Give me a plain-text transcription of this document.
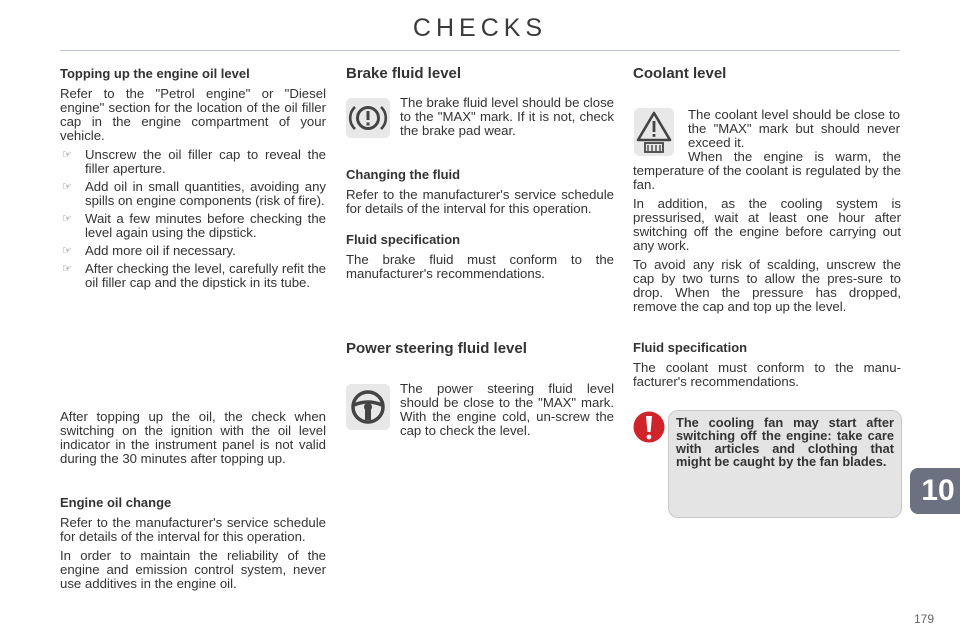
CHECKS
Topping up the engine oil level

Refer to the "Petrol engine" or "Diesel engine" section for the location of the oil filler cap in the engine compartment of your vehicle.

☞ Unscrew the oil filler cap to reveal the filler aperture.
☞ Add oil in small quantities, avoiding any spills on engine components (risk of fire).
☞ Wait a few minutes before checking the level again using the dipstick.
☞ Add more oil if necessary.
☞ After checking the level, carefully refit the oil filler cap and the dipstick in its tube.

After topping up the oil, the check when switching on the ignition with the oil level indicator in the instrument panel is not valid during the 30 minutes after topping up.

Engine oil change

Refer to the manufacturer's service schedule for details of the interval for this operation.

In order to maintain the reliability of the engine and emission control system, never use additives in the engine oil.

Brake fluid level
The brake fluid level should be close to the "MAX" mark. If it is not, check the brake pad wear.
Changing the fluid

Refer to the manufacturer's service schedule for details of the interval for this operation.

Fluid specification

The brake fluid must conform to the manufacturer's recommendations.

Power steering fluid level
The power steering fluid level should be close to the "MAX" mark. With the engine cold, un-screw the cap to check the level.
Coolant level
The coolant level should be close to the "MAX" mark but should never exceed it.

When the engine is warm, the temperature of the coolant is regulated by the fan.

In addition, as the cooling system is pressurised, wait at least one hour after switching off the engine before carrying out any work.

To avoid any risk of scalding, unscrew the cap by two turns to allow the pres-sure to drop. When the pressure has dropped, remove the cap and top up the level.

Fluid specification

The coolant must conform to the manu-facturer's recommendations.

The cooling fan may start after switching off the engine: take care with articles and clothing that might be caught by the fan blades.
10
179
